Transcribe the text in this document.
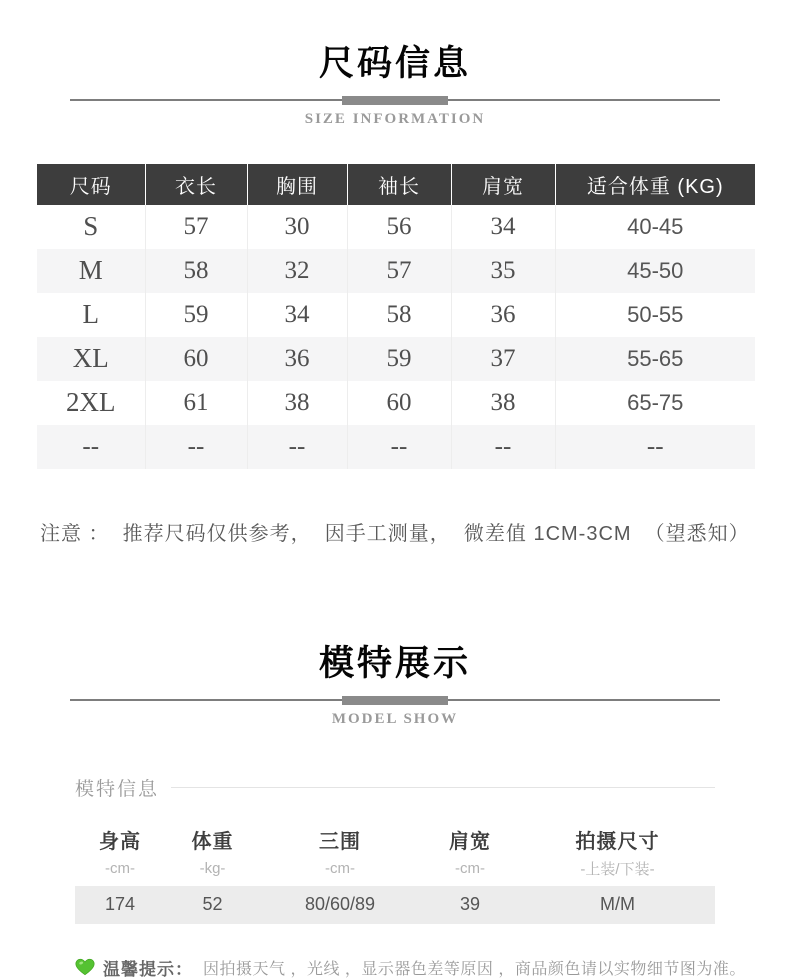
尺码信息
SIZE INFORMATION
尺码	衣长	胸围	袖长	肩宽	适合体重 (KG)
S	57	30	56	34	40-45
M	58	32	57	35	45-50
L	59	34	58	36	50-55
XL	60	36	59	37	55-65
2XL	61	38	60	38	65-75
--	--	--	--	--	--
注意 ：  推荐尺码仅供参考，  因手工测量，  微差值 1CM-3CM  （望悉知）
模特展示
MODEL SHOW
模特信息
身高	体重	三围	肩宽	拍摄尺寸
-cm-	-kg-	-cm-	-cm-	-上装/下装-
174	52	80/60/89	39	M/M
温馨提示： 因拍摄天气 ，光线 ，显示器色差等原因 ，商品颜色请以实物细节图为准。
